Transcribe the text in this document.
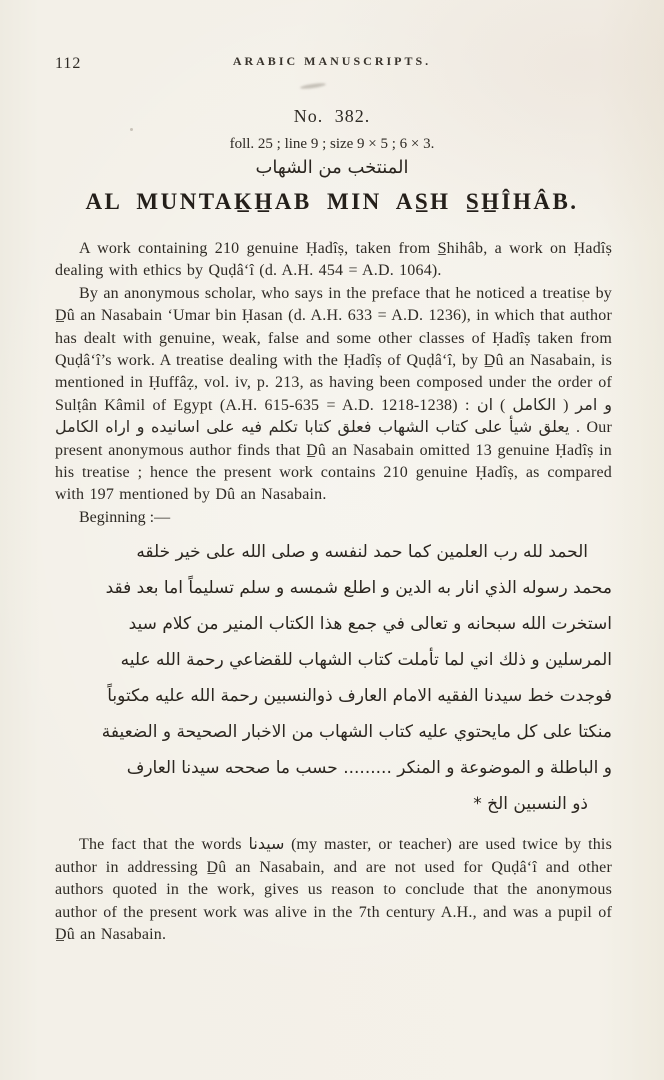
112	ARABIC MANUSCRIPTS.
No. 382.
foll. 25 ; line 9 ; size 9 × 5 ; 6 × 3.
المنتخب من الشهاب
AL MUNTAK̲H̲AB MIN AS̲H S̲H̲ÎHÂB.

A work containing 210 genuine Ḥadîṣ, taken from S̲hihâb, a work on Ḥadîṣ dealing with ethics by Quḍâ‘î (d. A.H. 454 = A.D. 1064).

By an anonymous scholar, who says in the preface that he noticed a treatise by D̲û an Nasabain ‘Umar bin Ḥasan (d. A.H. 633 = A.D. 1236), in which that author has dealt with genuine, weak, false and some other classes of Ḥadîṣ taken from Quḍâ‘î’s work. A treatise dealing with the Ḥadîṣ of Quḍâ‘î, by D̲û an Nasabain, is mentioned in Ḥuffâẓ, vol. iv, p. 213, as having been composed under the order of Sulṭân Kâmil of Egypt (A.H. 615-635 = A.D. 1218-1238) : و امر ( الكامل ) ان يعلق شيأ على كتاب الشهاب فعلق كتابا تكلم فيه على اسانيده و اراه الكامل . Our present anonymous author finds that D̲û an Nasabain omitted 13 genuine Ḥadîṣ in his treatise ; hence the present work contains 210 genuine Ḥadîṣ, as compared with 197 mentioned by Dû an Nasabain.

Beginning :—

الحمد لله رب العلمين كما حمد لنفسه و صلى الله على خير خلقه
محمد رسوله الذي انار به الدين و اطلع شمسه و سلم تسليماً اما بعد فقد
استخرت الله سبحانه و تعالى في جمع هذا الكتاب المنير من كلام سيد
المرسلين و ذلك اني لما تأملت كتاب الشهاب للقضاعي رحمة الله عليه
فوجدت خط سيدنا الفقيه الامام العارف ذوالنسبين رحمة الله عليه مكتوباً
منكتا على كل مايحتوي عليه كتاب الشهاب من الاخبار الصحيحة و الضعيفة
و الباطلة و الموضوعة و المنكر ......... حسب ما صححه سيدنا العارف
ذو النسبين الخ *

The fact that the words سيدنا (my master, or teacher) are used twice by this author in addressing D̲û an Nasabain, and are not used for Quḍâ‘î and other authors quoted in the work, gives us reason to conclude that the anonymous author of the present work was alive in the 7th century A.H., and was a pupil of D̲û an Nasabain.
